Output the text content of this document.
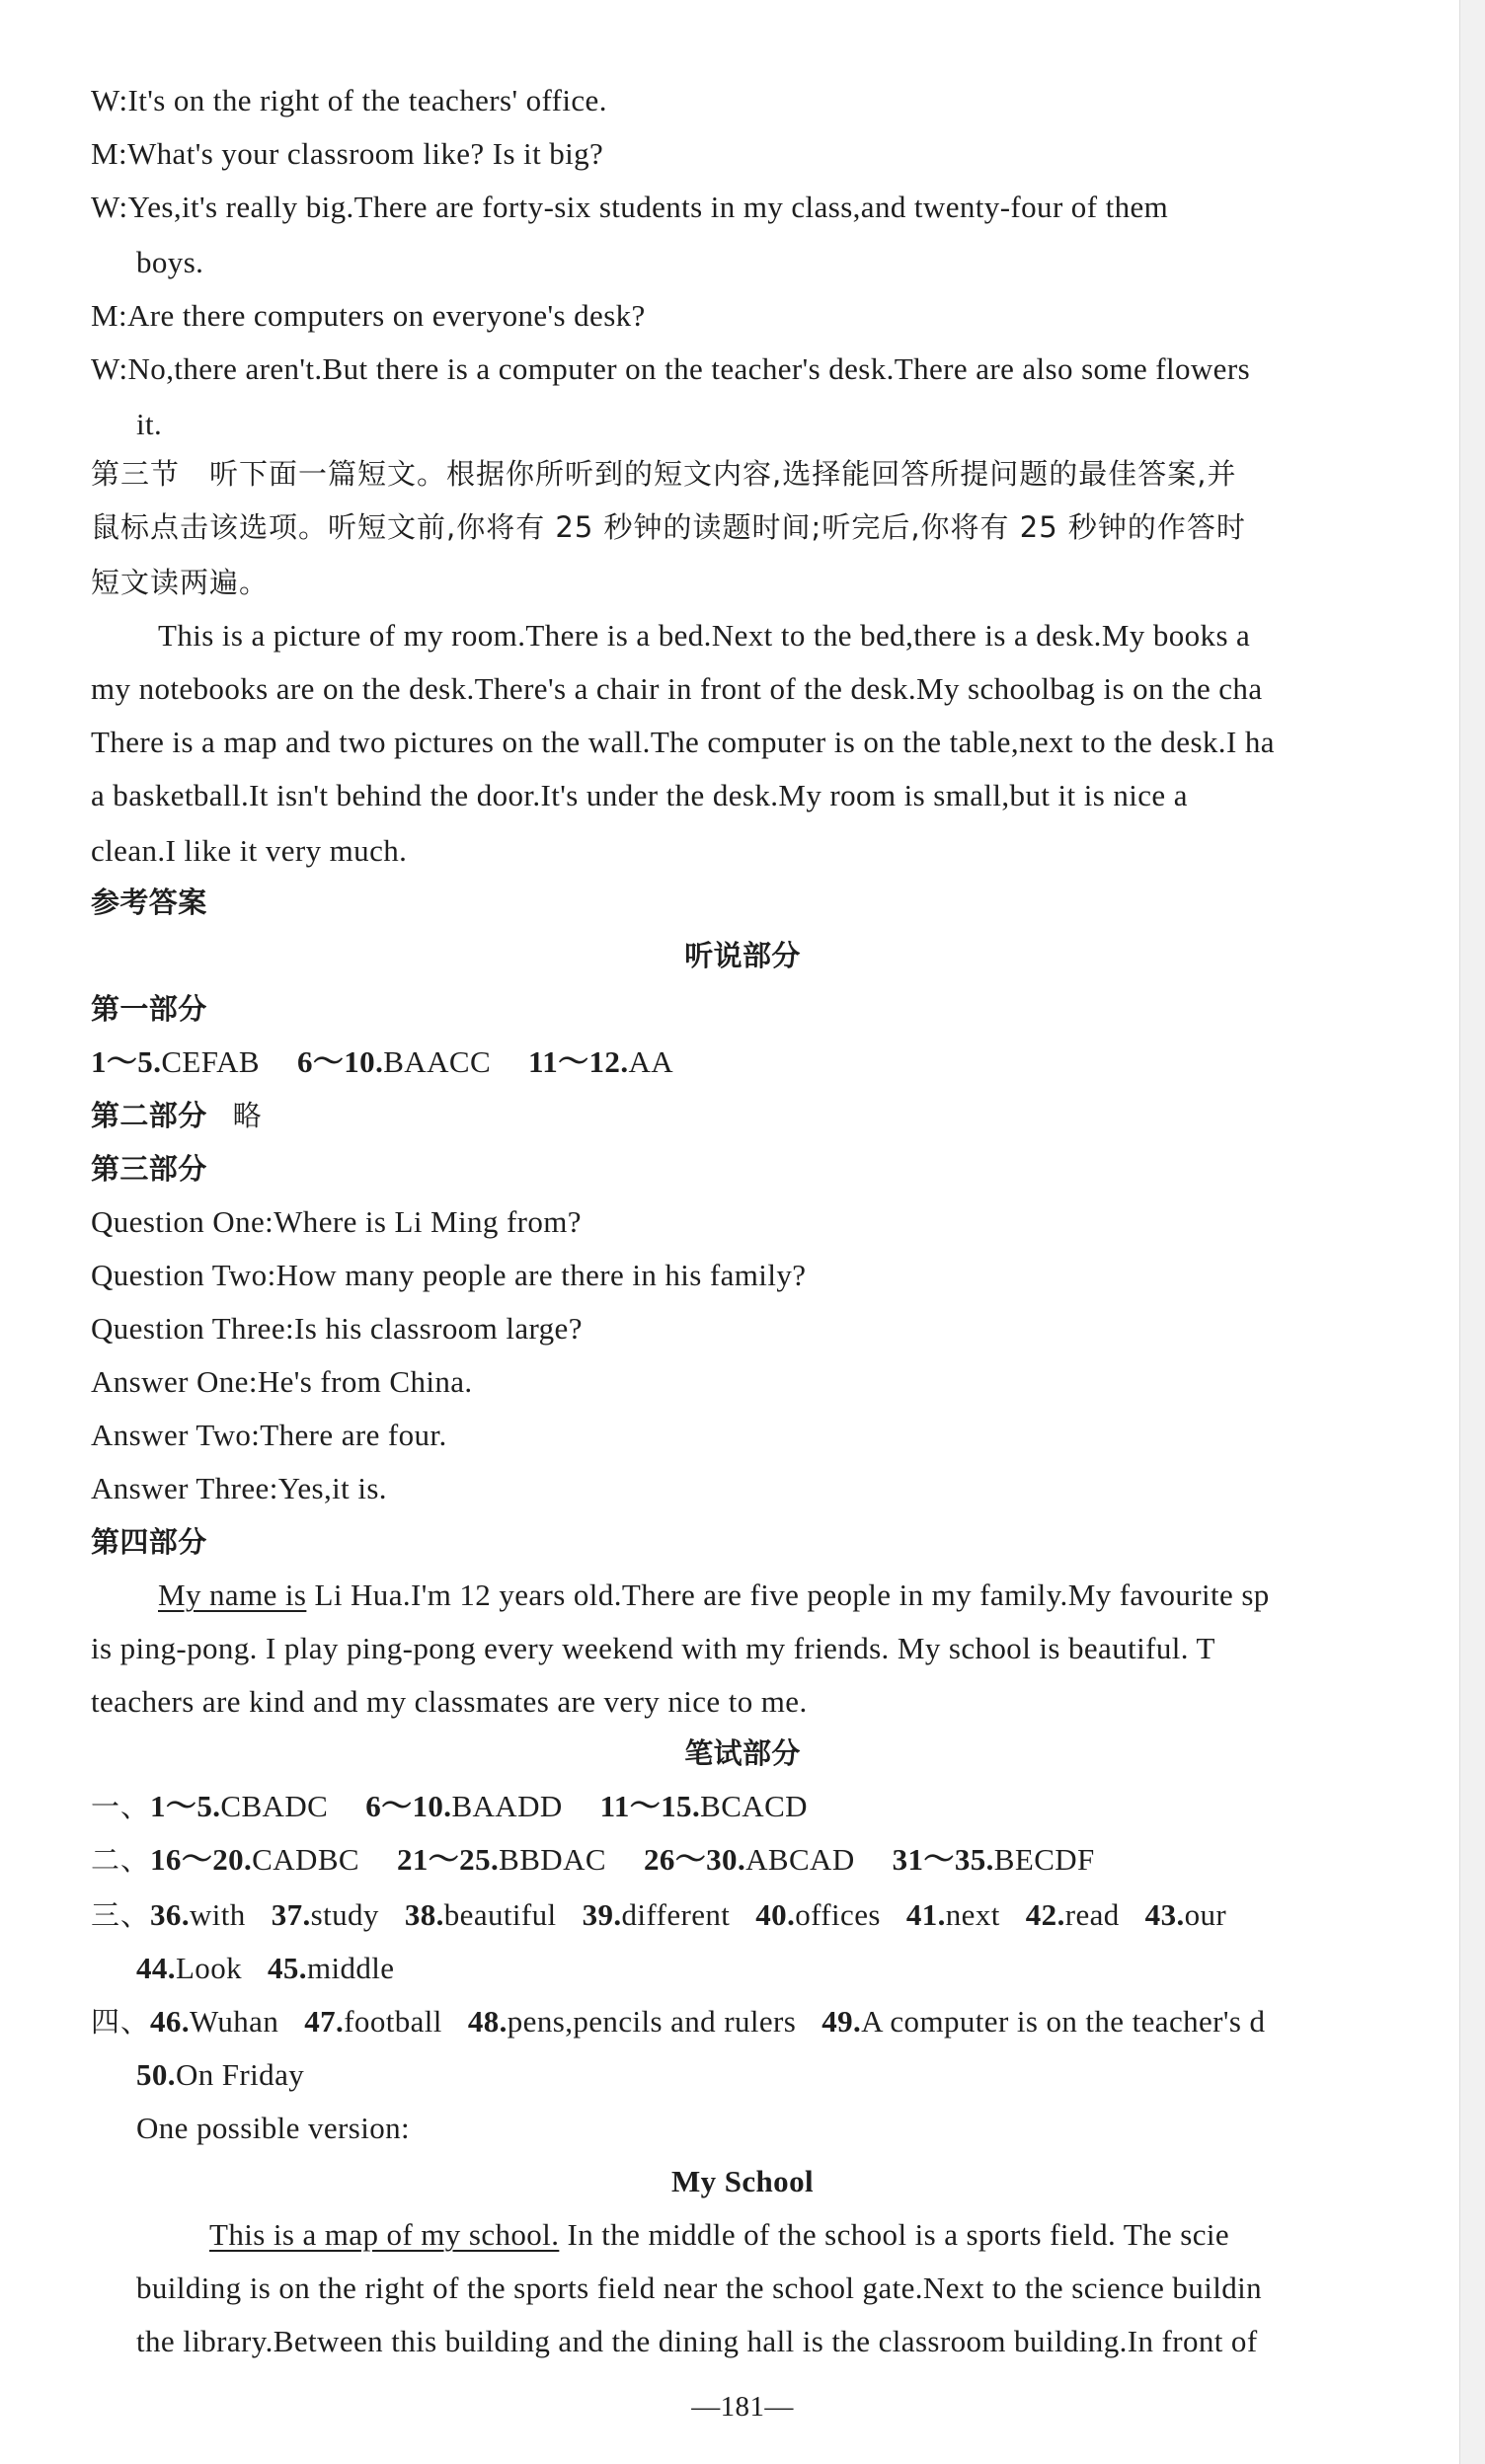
W:It's on the right of the teachers' office.
M:What's your classroom like? Is it big?
W:Yes,it's really big.There are forty-six students in my class,and twenty-four of them
boys.
M:Are there computers on everyone's desk?
W:No,there aren't.But there is a computer on the teacher's desk.There are also some flowers
it.
第三节　听下面一篇短文。根据你所听到的短文内容,选择能回答所提问题的最佳答案,并
鼠标点击该选项。听短文前,你将有 25 秒钟的读题时间;听完后,你将有 25 秒钟的作答时
短文读两遍。
This is a picture of my room.There is a bed.Next to the bed,there is a desk.My books a
my notebooks are on the desk.There's a chair in front of the desk.My schoolbag is on the cha
There is a map and two pictures on the wall.The computer is on the table,next to the desk.I ha
a basketball.It isn't behind the door.It's under the desk.My room is small,but it is nice a
clean.I like it very much.
参考答案
听说部分
第一部分
1～5.CEFAB 6～10.BAACC 11～12.AA
第二部分 略
第三部分
Question One:Where is Li Ming from?
Question Two:How many people are there in his family?
Question Three:Is his classroom large?
Answer One:He's from China.
Answer Two:There are four.
Answer Three:Yes,it is.
第四部分
My name is Li Hua.I'm 12 years old.There are five people in my family.My favourite sp
is ping-pong. I play ping-pong every weekend with my friends. My school is beautiful. T
teachers are kind and my classmates are very nice to me.
笔试部分
一、1～5.CBADC 6～10.BAADD 11～15.BCACD
二、16～20.CADBC 21～25.BBDAC 26～30.ABCAD 31～35.BECDF
三、36.with 37.study 38.beautiful 39.different 40.offices 41.next 42.read 43.our
44.Look 45.middle
四、46.Wuhan 47.football 48.pens,pencils and rulers 49.A computer is on the teacher's d
50.On Friday
One possible version:
My School
This is a map of my school. In the middle of the school is a sports field. The scie
building is on the right of the sports field near the school gate.Next to the science buildin
the library.Between this building and the dining hall is the classroom building.In front of
—181—
